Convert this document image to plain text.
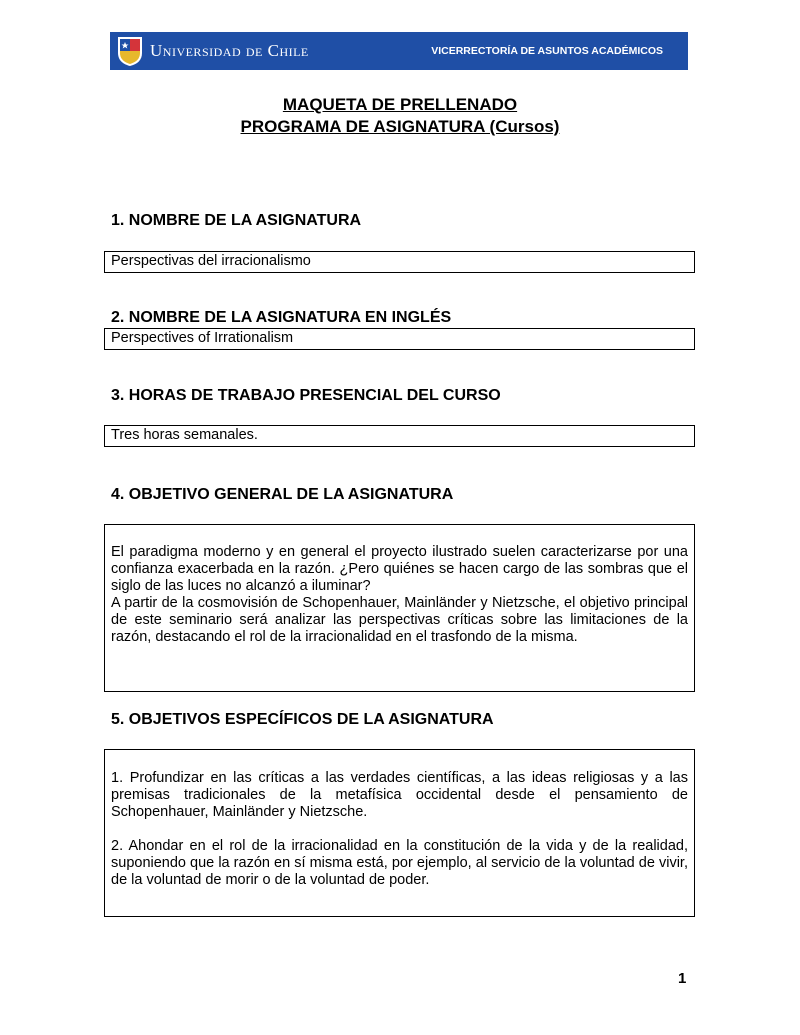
Universidad de Chile	VICERRECTORÍA DE ASUNTOS ACADÉMICOS
MAQUETA DE PRELLENADO
PROGRAMA DE ASIGNATURA (Cursos)
1. NOMBRE DE LA ASIGNATURA
Perspectivas del irracionalismo
2. NOMBRE DE LA ASIGNATURA EN INGLÉS
Perspectives of Irrationalism
3. HORAS DE TRABAJO PRESENCIAL DEL CURSO
Tres horas semanales.
4. OBJETIVO GENERAL DE LA ASIGNATURA

El paradigma moderno y en general el proyecto ilustrado suelen caracterizarse por una confianza exacerbada en la razón. ¿Pero quiénes se hacen cargo de las sombras que el siglo de las luces no alcanzó a iluminar?

A partir de la cosmovisión de Schopenhauer, Mainländer y Nietzsche, el objetivo principal de este seminario será analizar las perspectivas críticas sobre las limitaciones de la razón, destacando el rol de la irracionalidad en el trasfondo de la misma.

5. OBJETIVOS ESPECÍFICOS DE LA ASIGNATURA

1. Profundizar en las críticas a las verdades científicas, a las ideas religiosas y a las premisas tradicionales de la metafísica occidental desde el pensamiento de Schopenhauer, Mainländer y Nietzsche.

2. Ahondar en el rol de la irracionalidad en la constitución de la vida y de la realidad, suponiendo que la razón en sí misma está, por ejemplo, al servicio de la voluntad de vivir, de la voluntad de morir o de la voluntad de poder.

1
